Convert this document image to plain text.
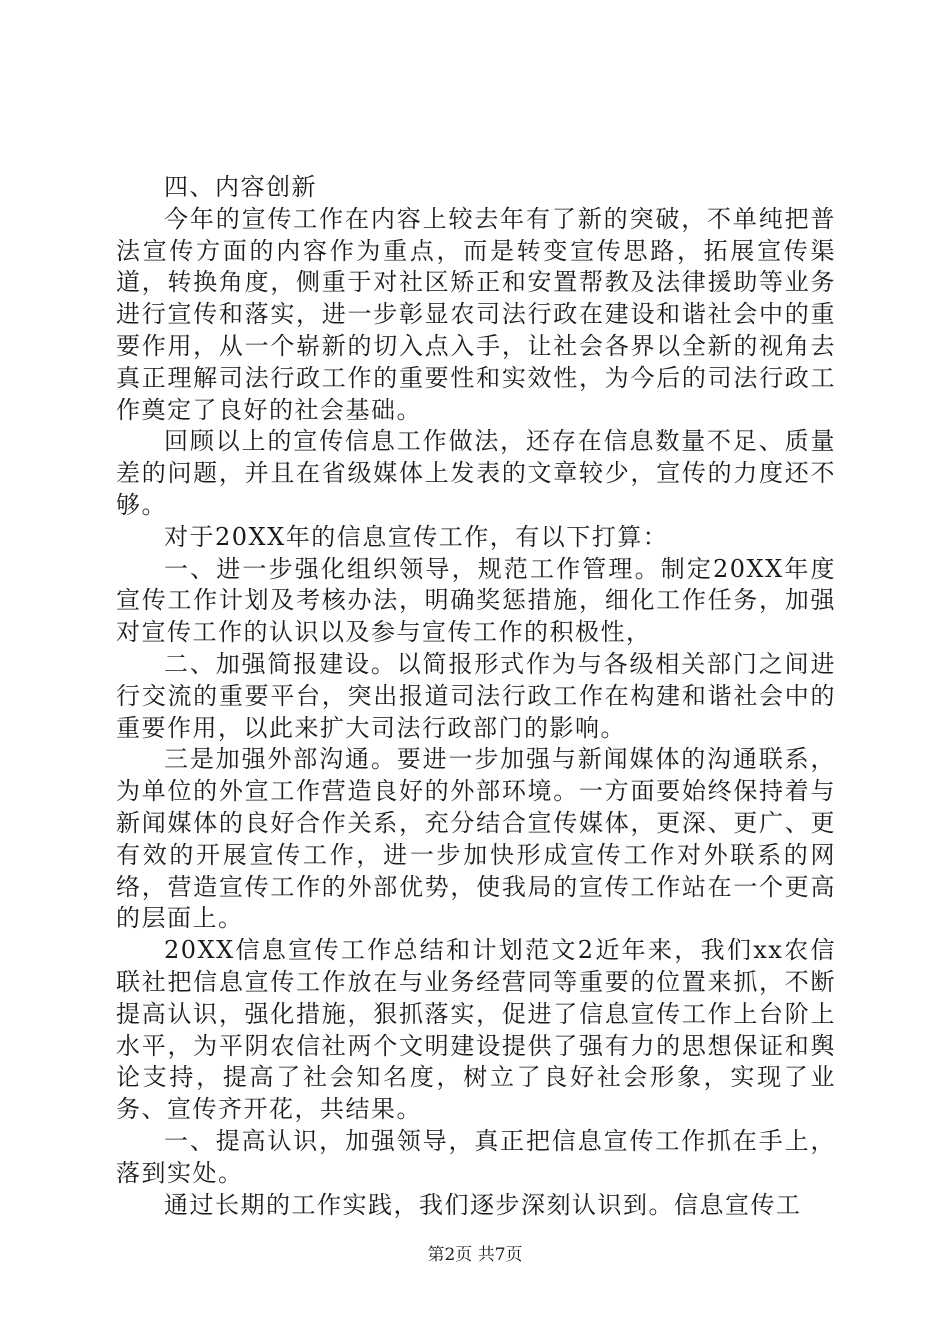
四、内容创新

今年的宣传工作在内容上较去年有了新的突破，不单纯把普法宣传方面的内容作为重点，而是转变宣传思路，拓展宣传渠道，转换角度，侧重于对社区矫正和安置帮教及法律援助等业务进行宣传和落实，进一步彰显农司法行政在建设和谐社会中的重要作用，从一个崭新的切入点入手，让社会各界以全新的视角去真正理解司法行政工作的重要性和实效性，为今后的司法行政工作奠定了良好的社会基础。

回顾以上的宣传信息工作做法，还存在信息数量不足、质量差的问题，并且在省级媒体上发表的文章较少，宣传的力度还不够。

对于20XX年的信息宣传工作，有以下打算：

一、进一步强化组织领导，规范工作管理。制定20XX年度宣传工作计划及考核办法，明确奖惩措施，细化工作任务，加强对宣传工作的认识以及参与宣传工作的积极性，

二、加强简报建设。以简报形式作为与各级相关部门之间进行交流的重要平台，突出报道司法行政工作在构建和谐社会中的重要作用，以此来扩大司法行政部门的影响。

三是加强外部沟通。要进一步加强与新闻媒体的沟通联系，为单位的外宣工作营造良好的外部环境。一方面要始终保持着与新闻媒体的良好合作关系，充分结合宣传媒体，更深、更广、更有效的开展宣传工作，进一步加快形成宣传工作对外联系的网络，营造宣传工作的外部优势，使我局的宣传工作站在一个更高的层面上。

20XX信息宣传工作总结和计划范文2近年来，我们xx农信联社把信息宣传工作放在与业务经营同等重要的位置来抓，不断提高认识，强化措施，狠抓落实，促进了信息宣传工作上台阶上水平，为平阴农信社两个文明建设提供了强有力的思想保证和舆论支持，提高了社会知名度，树立了良好社会形象，实现了业务、宣传齐开花，共结果。

一、提高认识，加强领导，真正把信息宣传工作抓在手上，落到实处。

通过长期的工作实践，我们逐步深刻认识到。信息宣传工

第2页 共7页
